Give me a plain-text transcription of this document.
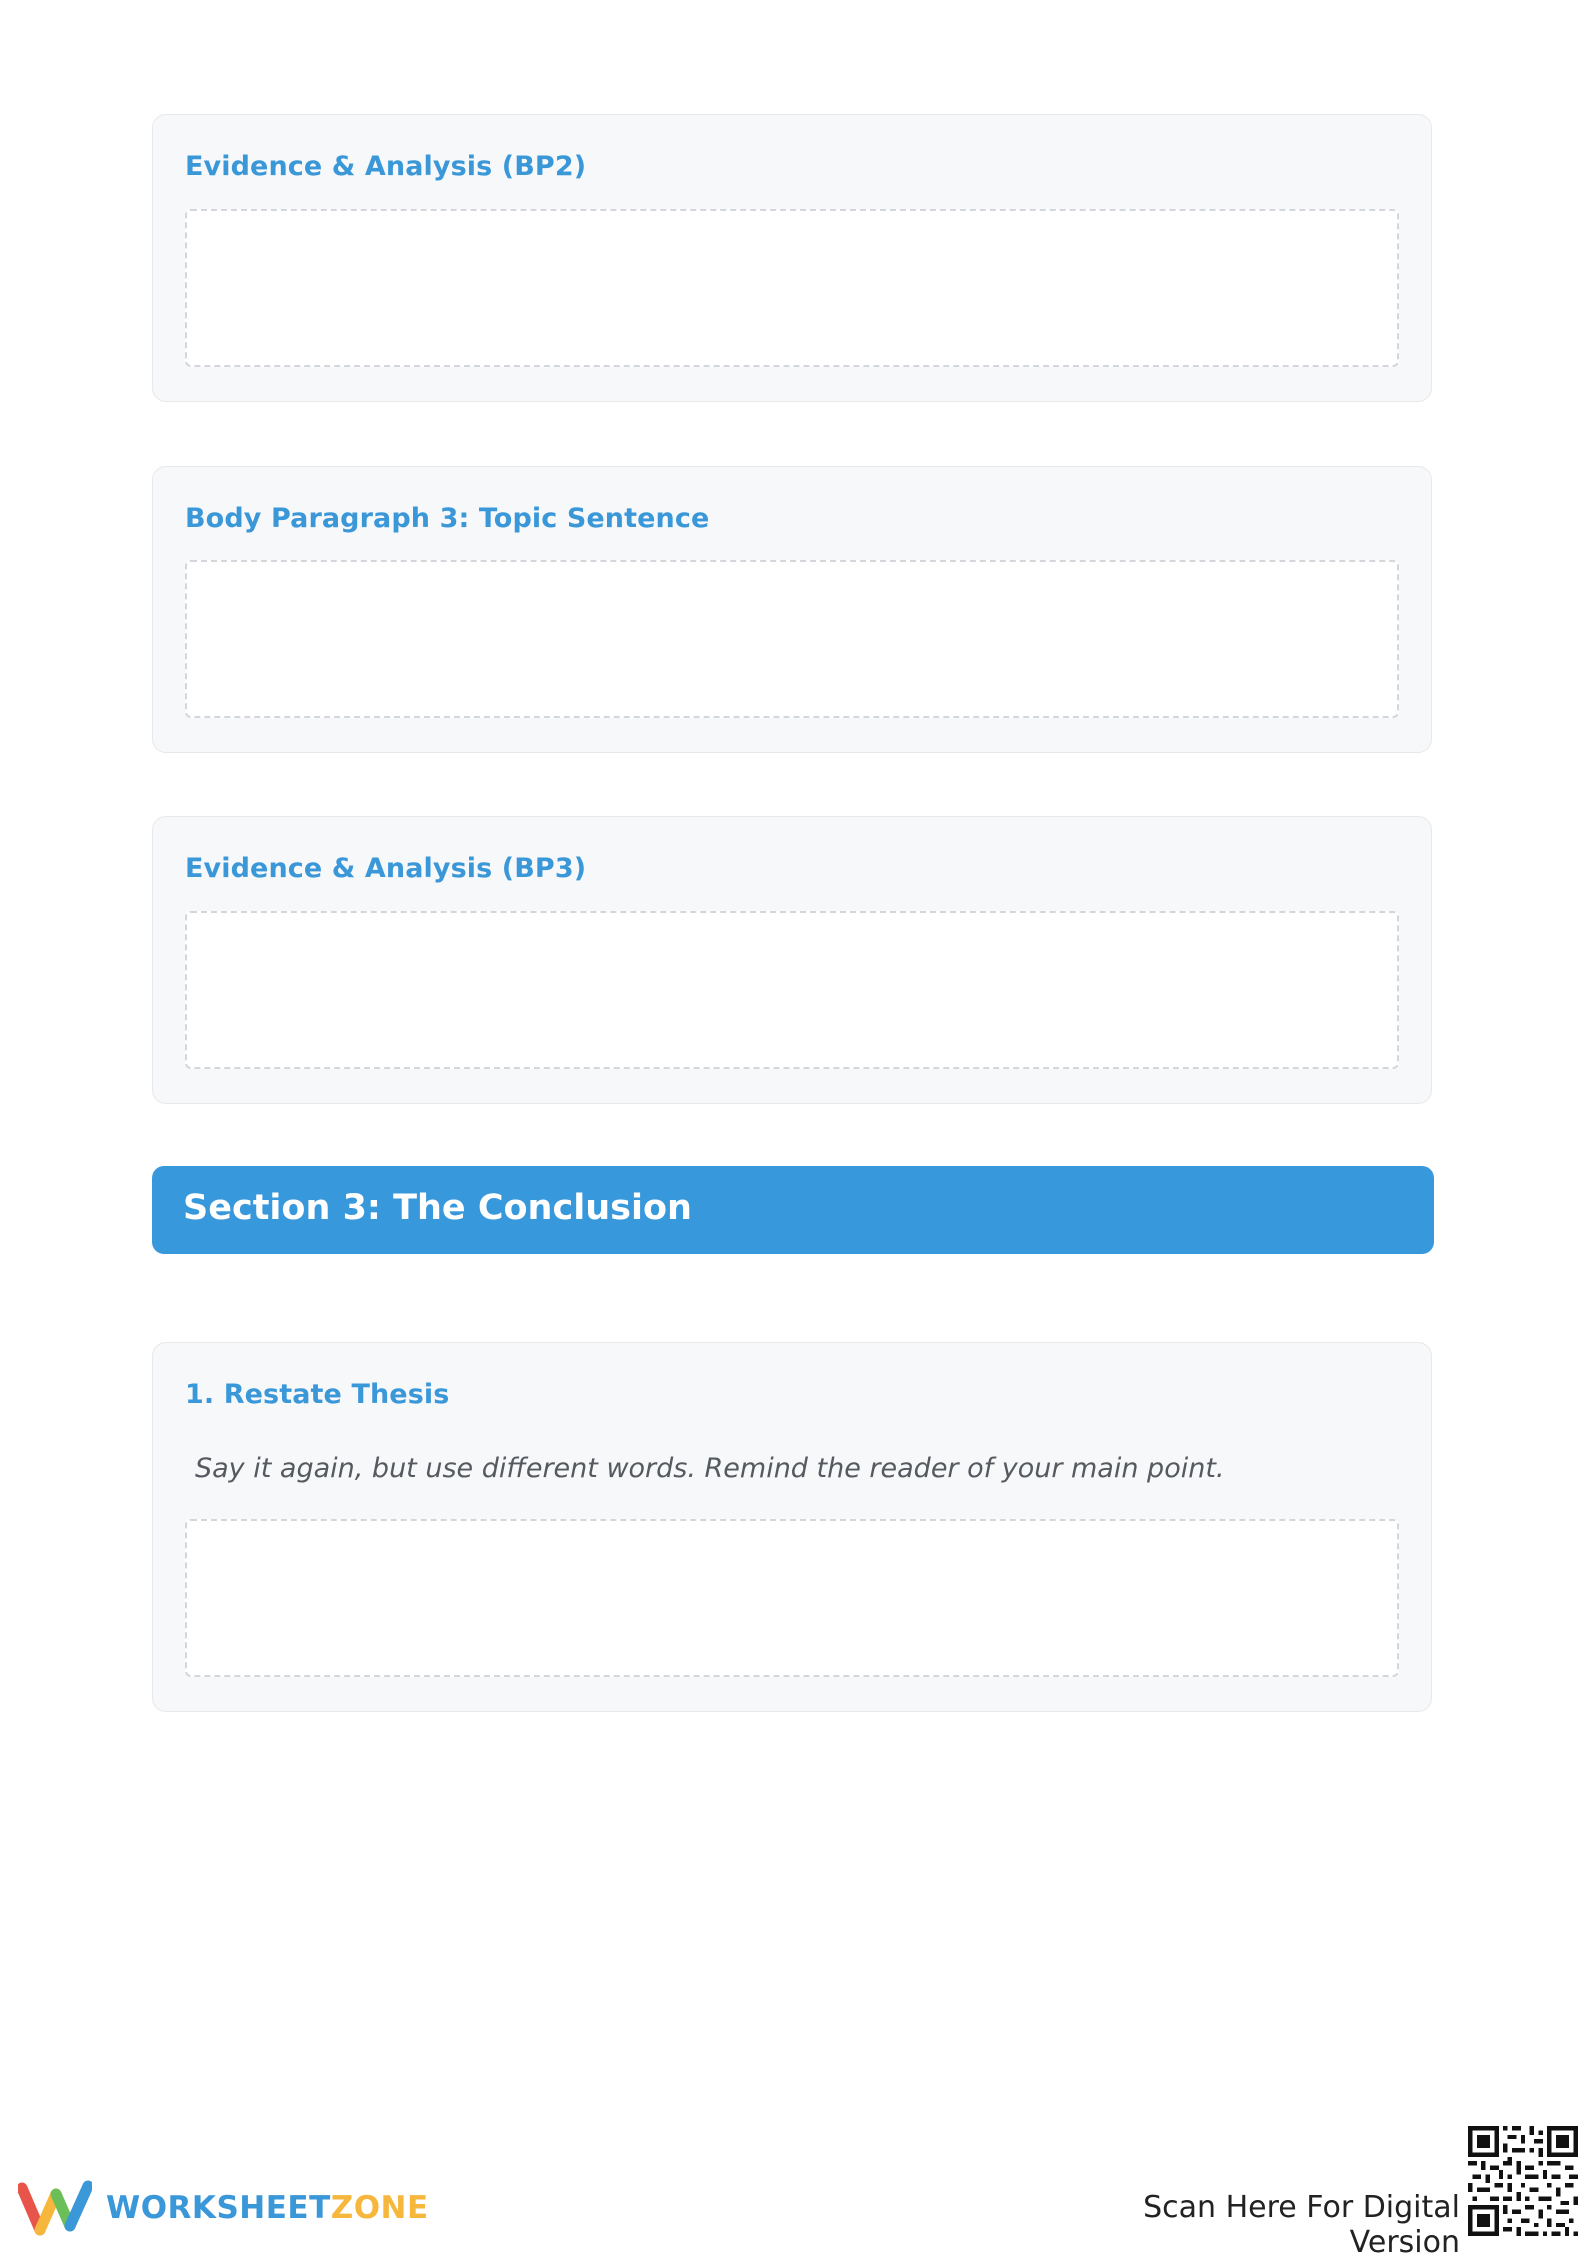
Evidence & Analysis (BP2)
Body Paragraph 3: Topic Sentence
Evidence & Analysis (BP3)
Section 3: The Conclusion
1. Restate Thesis
Say it again, but use different words. Remind the reader of your main point.
WORKSHEET ZONE	Scan Here For Digital Version
